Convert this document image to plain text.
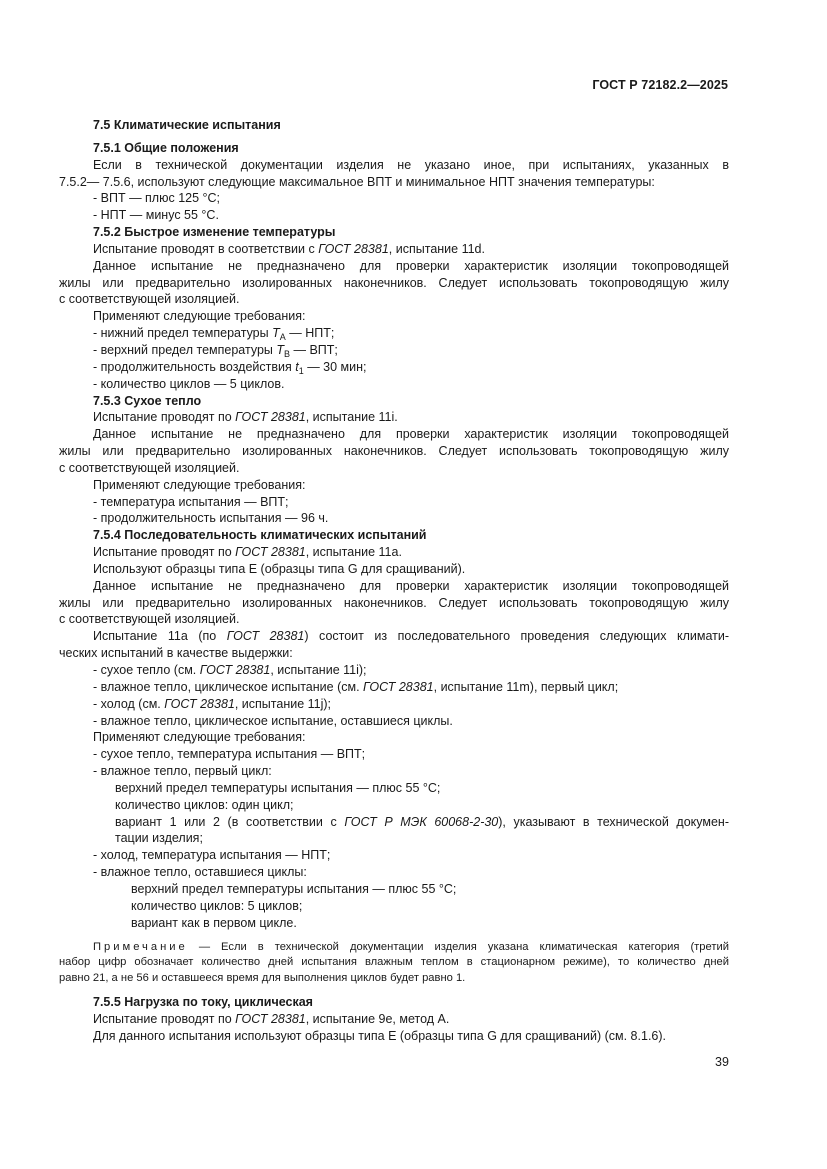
ГОСТ Р 72182.2—2025

7.5 Климатические испытания

7.5.1 Общие положения

Если в технической документации изделия не указано иное, при испытаниях, указанных в

7.5.2— 7.5.6, используют следующие максимальное ВПТ и минимальное НПТ значения температуры:

- ВПТ — плюс 125 °С;

- НПТ — минус 55 °С.

7.5.2 Быстрое изменение температуры

Испытание проводят в соответствии с ГОСТ 28381, испытание 11d.

Данное испытание не предназначено для проверки характеристик изоляции токопроводящей

жилы или предварительно изолированных наконечников. Следует использовать токопроводящую жилу

с соответствующей изоляцией.

Применяют следующие требования:

- нижний предел температуры $T_A$ — НПТ;

- верхний предел температуры $T_B$ — ВПТ;

- продолжительность воздействия $t_1$ — 30 мин;

- количество циклов — 5 циклов.

7.5.3 Сухое тепло

Испытание проводят по ГОСТ 28381, испытание 11i.

Данное испытание не предназначено для проверки характеристик изоляции токопроводящей

жилы или предварительно изолированных наконечников. Следует использовать токопроводящую жилу

с соответствующей изоляцией.

Применяют следующие требования:

- температура испытания — ВПТ;

- продолжительность испытания — 96 ч.

7.5.4 Последовательность климатических испытаний

Испытание проводят по ГОСТ 28381, испытание 11а.

Используют образцы типа Е (образцы типа G для сращиваний).

Данное испытание не предназначено для проверки характеристик изоляции токопроводящей

жилы или предварительно изолированных наконечников. Следует использовать токопроводящую жилу

с соответствующей изоляцией.

Испытание 11а (по ГОСТ 28381) состоит из последовательного проведения следующих климати-

ческих испытаний в качестве выдержки:

- сухое тепло (см. ГОСТ 28381, испытание 11i);

- влажное тепло, циклическое испытание (см. ГОСТ 28381, испытание 11m), первый цикл;

- холод (см. ГОСТ 28381, испытание 11j);

- влажное тепло, циклическое испытание, оставшиеся циклы.

Применяют следующие требования:

- сухое тепло, температура испытания — ВПТ;

- влажное тепло, первый цикл:

верхний предел температуры испытания — плюс 55 °С;

количество циклов: один цикл;

вариант 1 или 2 (в соответствии с ГОСТ Р МЭК 60068-2-30), указывают в технической докумен-

тации изделия;

- холод, температура испытания — НПТ;

- влажное тепло, оставшиеся циклы:

верхний предел температуры испытания — плюс 55 °С;

количество циклов: 5 циклов;

вариант как в первом цикле.

Примечание — Если в технической документации изделия указана климатическая категория (третий

набор цифр обозначает количество дней испытания влажным теплом в стационарном режиме), то количество дней

равно 21, а не 56 и оставшееся время для выполнения циклов будет равно 1.

7.5.5 Нагрузка по току, циклическая

Испытание проводят по ГОСТ 28381, испытание 9е, метод А.

Для данного испытания используют образцы типа Е (образцы типа G для сращиваний) (см. 8.1.6).

39
